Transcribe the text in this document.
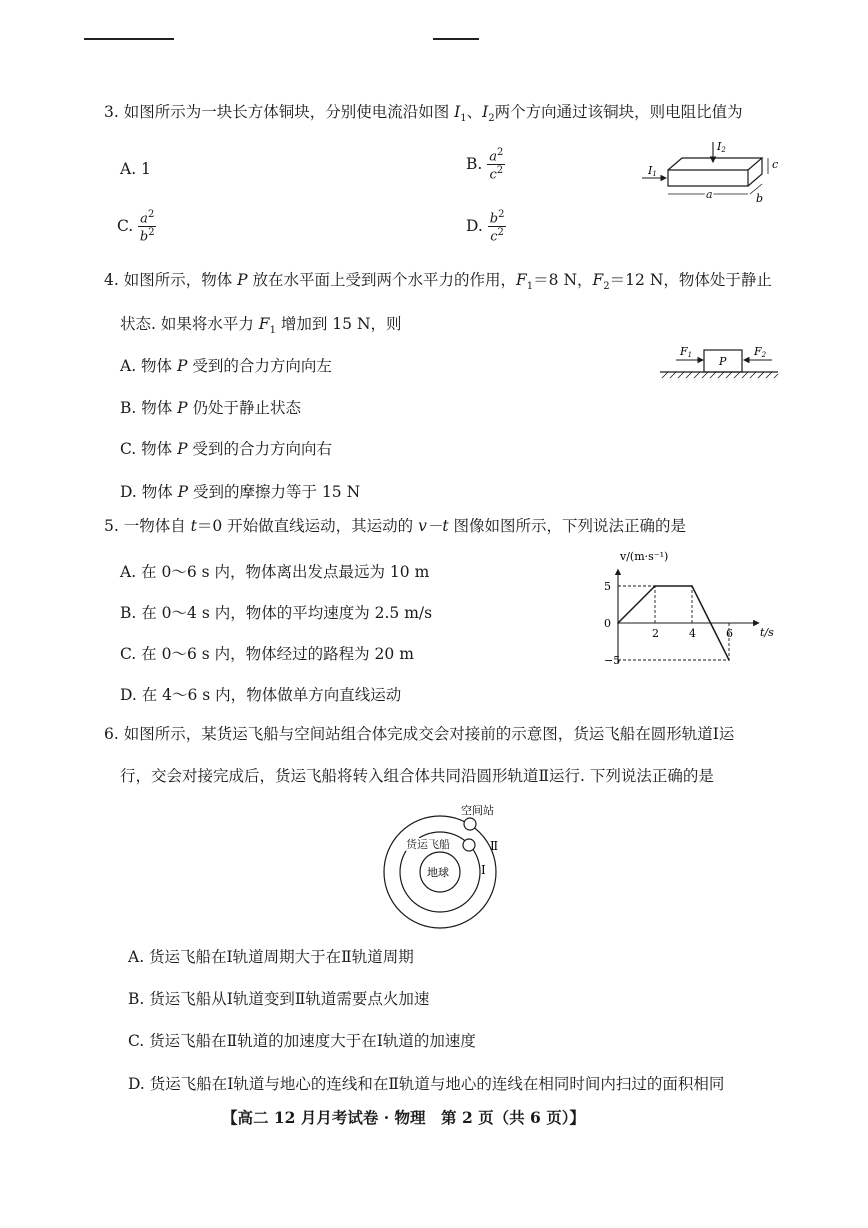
3. 如图所示为一块长方体铜块，分别使电流沿如图 $I_1$、$I_2$两个方向通过该铜块，则电阻比值为
A. 1	B. $\frac{a^2}{c^2}$
C. $\frac{a^2}{b^2}$	D. $\frac{b^2}{c^2}$
I1
I2
a	b
c
4. 如图所示，物体 P 放在水平面上受到两个水平力的作用，$F_1=8$ N，$F_2=12$ N，物体处于静止
状态. 如果将水平力 $F_1$ 增加到 15 N，则
A. 物体 P 受到的合力方向向左
B. 物体 P 仍处于静止状态
C. 物体 P 受到的合力方向向右
D. 物体 P 受到的摩擦力等于 15 N
P
F1	F2
5. 一物体自 t＝0 开始做直线运动，其运动的 v－t 图像如图所示，下列说法正确的是
A. 在 0～6 s 内，物体离出发点最远为 10 m
B. 在 0～4 s 内，物体的平均速度为 2.5 m/s
C. 在 0～6 s 内，物体经过的路程为 20 m
D. 在 4～6 s 内，物体做单方向直线运动
v/(m·s⁻¹)
t/s
5
0
−5
2	4	6
6. 如图所示，某货运飞船与空间站组合体完成交会对接前的示意图，货运飞船在圆形轨道Ⅰ运
行，交会对接完成后，货运飞船将转入组合体共同沿圆形轨道Ⅱ运行. 下列说法正确的是
地球
空间站
货运飞船	Ⅱ
Ⅰ
A. 货运飞船在Ⅰ轨道周期大于在Ⅱ轨道周期
B. 货运飞船从Ⅰ轨道变到Ⅱ轨道需要点火加速
C. 货运飞船在Ⅱ轨道的加速度大于在Ⅰ轨道的加速度
D. 货运飞船在Ⅰ轨道与地心的连线和在Ⅱ轨道与地心的连线在相同时间内扫过的面积相同
【高二 12 月月考试卷 · 物理　第 2 页（共 6 页）】
